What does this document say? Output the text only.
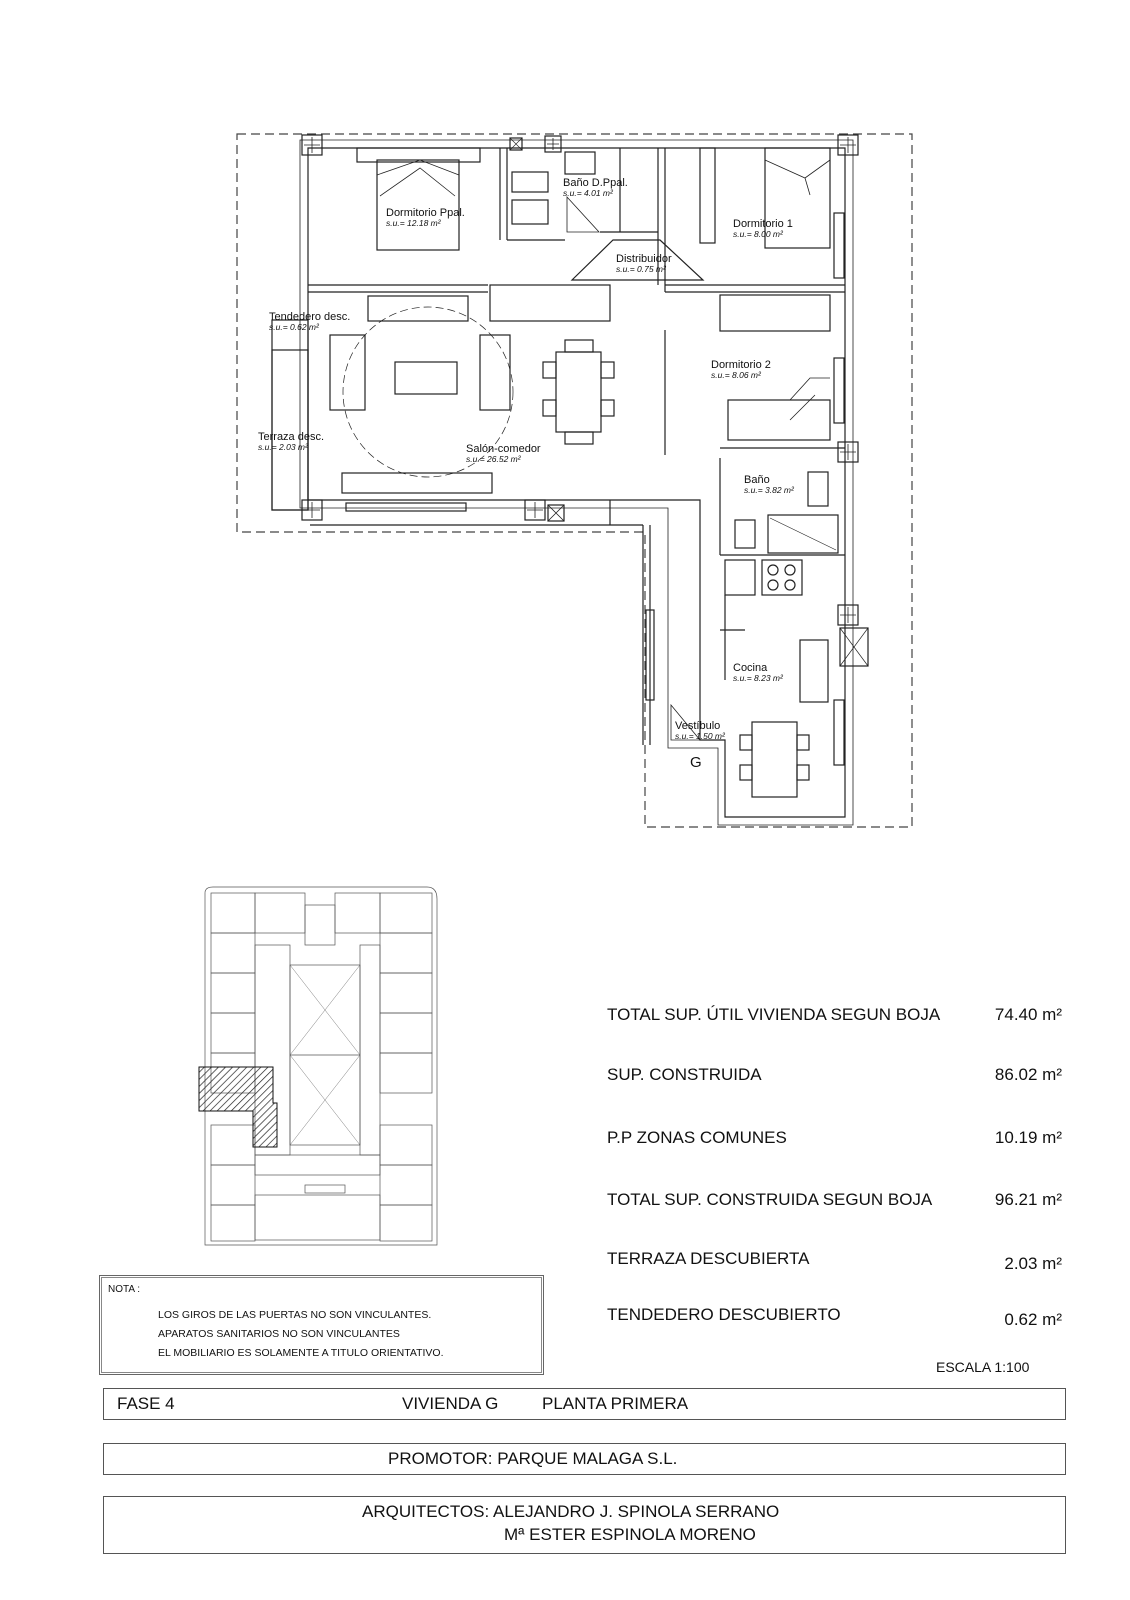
Dormitorio Ppal.
s.u.= 12.18 m²
Baño D.Ppal.
s.u.= 4.01 m²
Dormitorio 1
s.u.= 8.00 m²
Distribuidor
s.u.= 0.75 m²
Tendedero desc.
s.u.= 0.62 m²
Dormitorio 2
s.u.= 8.06 m²
Terraza desc.
s.u.= 2.03 m²	Salón-comedor
s.u.= 26.52 m²
Baño
s.u.= 3.82 m²
Cocina
s.u.= 8.23 m²
Vestíbulo
s.u.= 1.50 m²
G
TOTAL SUP. ÚTIL VIVIENDA SEGUN BOJA	74.40 m²
SUP. CONSTRUIDA	86.02 m²
P.P ZONAS COMUNES	10.19 m²
TOTAL SUP. CONSTRUIDA SEGUN BOJA	96.21 m²
TERRAZA DESCUBIERTA	2.03 m²
TENDEDERO DESCUBIERTO	0.62 m²
NOTA :
LOS GIROS DE LAS PUERTAS NO SON VINCULANTES.
APARATOS SANITARIOS NO SON VINCULANTES
EL MOBILIARIO ES SOLAMENTE A TITULO ORIENTATIVO.
ESCALA 1:100
FASE 4	VIVIENDA G	PLANTA PRIMERA
PROMOTOR: PARQUE MALAGA S.L.
ARQUITECTOS: ALEJANDRO J. SPINOLA SERRANO
Mª ESTER ESPINOLA MORENO
